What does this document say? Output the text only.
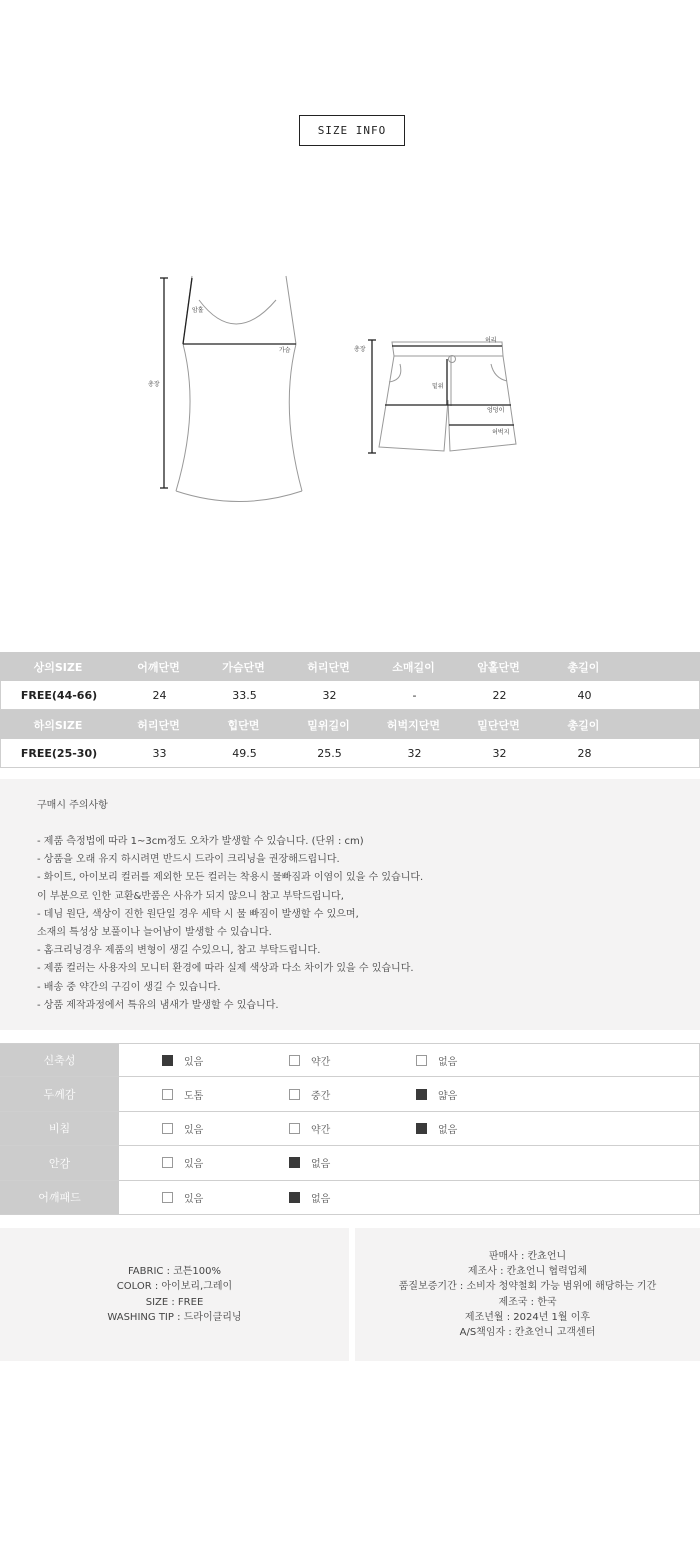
SIZE INFO
암홀
가슴
총장
총장
허리
밑위
엉덩이
허벅지
상의SIZE	어깨단면	가슴단면	허리단면	소매길이	암홀단면	총길이
FREE(44-66)	24	33.5	32	-	22	40
하의SIZE	허리단면	힙단면	밑위길이	허벅지단면	밑단단면	총길이
FREE(25-30)	33	49.5	25.5	32	32	28
구매시 주의사항
- 제품 측정법에 따라 1~3cm정도 오차가 발생할 수 있습니다. (단위 : cm)
- 상품을 오래 유지 하시려면 반드시 드라이 크리닝을 권장해드립니다.
- 화이트, 아이보리 컬러를 제외한 모든 컬러는 착용시 물빠짐과 이염이 있을 수 있습니다.
이 부분으로 인한 교환&반품은 사유가 되지 않으니 참고 부탁드립니다,
- 데님 원단, 색상이 진한 원단일 경우 세탁 시 물 빠짐이 발생할 수 있으며,
소재의 특성상 보풀이나 늘어남이 발생할 수 있습니다.
- 홈크리닝경우 제품의 변형이 생길 수있으니, 참고 부탁드립니다.
- 제품 컬러는 사용자의 모니터 환경에 따라 실제 색상과 다소 차이가 있을 수 있습니다.
- 배송 중 약간의 구김이 생길 수 있습니다.
- 상품 제작과정에서 특유의 냄새가 발생할 수 있습니다.
신축성	있음	약간	없음
두께감	도톰	중간	얇음
비침	있음	약간	없음
안감	있음	없음
어깨패드	있음	없음
FABRIC : 코튼100%
COLOR : 아이보리,그레이
SIZE : FREE
WASHING TIP : 드라이클리닝
판매사 : 칸쵸언니
제조사 : 칸쵸언니 협력업체
품질보증기간 : 소비자 청약철회 가능 범위에 해당하는 기간
제조국 : 한국
제조년월 : 2024년 1월 이후
A/S책임자 : 칸쵸언니 고객센터
